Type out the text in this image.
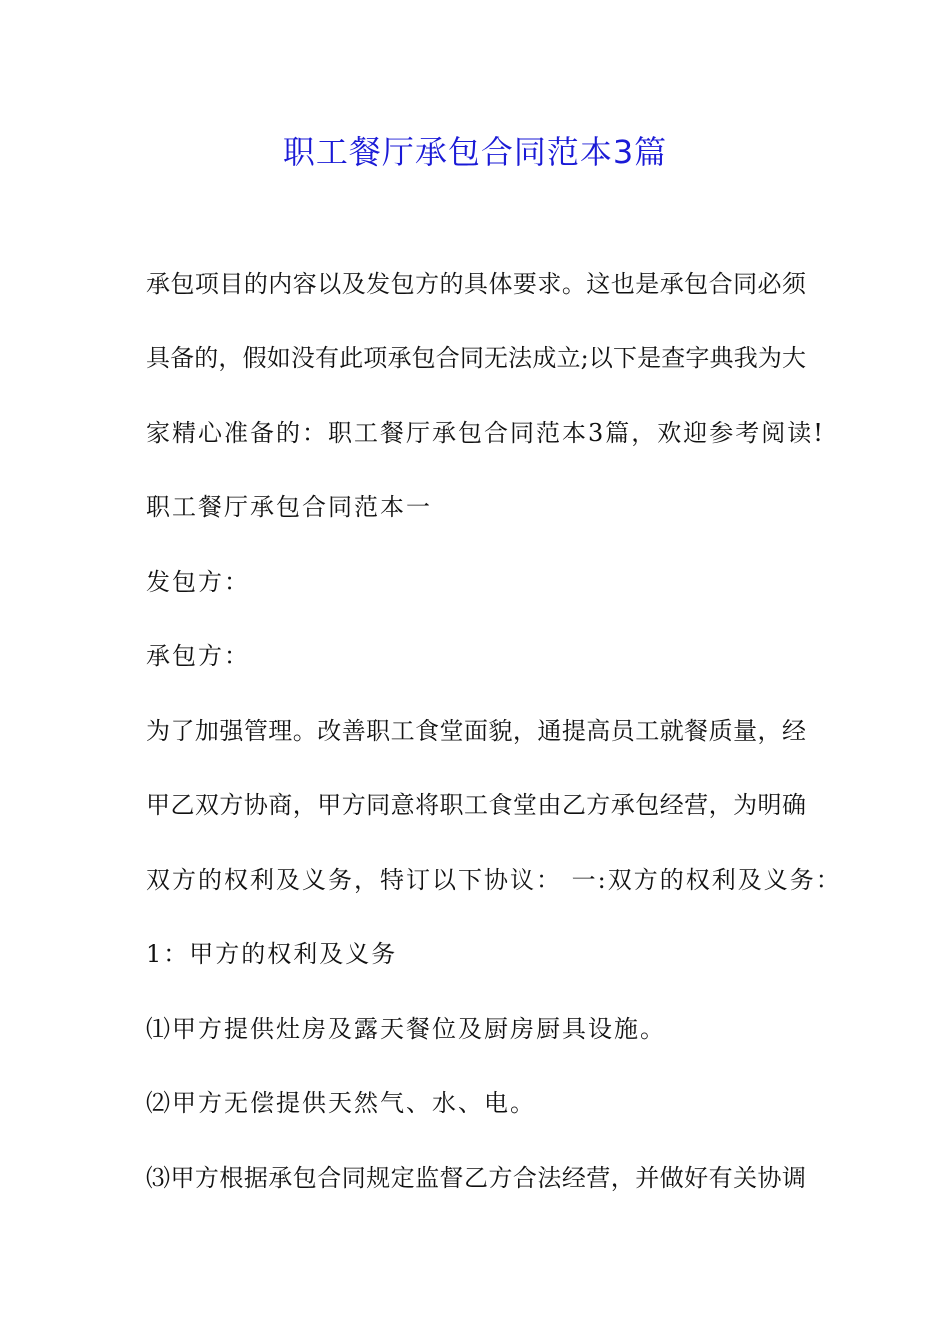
职工餐厅承包合同范本3篇
承包项目的内容以及发包方的具体要求。这也是承包合同必须
具备的，假如没有此项承包合同无法成立;以下是查字典我为大
家精心准备的：职工餐厅承包合同范本3篇，欢迎参考阅读!
职工餐厅承包合同范本一
发包方：
承包方：
为了加强管理。改善职工食堂面貌，通提高员工就餐质量，经
甲乙双方协商，甲方同意将职工食堂由乙方承包经营，为明确
双方的权利及义务，特订以下协议： 一:双方的权利及义务：
1：甲方的权利及义务
⑴甲方提供灶房及露天餐位及厨房厨具设施。
⑵甲方无偿提供天然气、水、电。
⑶甲方根据承包合同规定监督乙方合法经营，并做好有关协调
